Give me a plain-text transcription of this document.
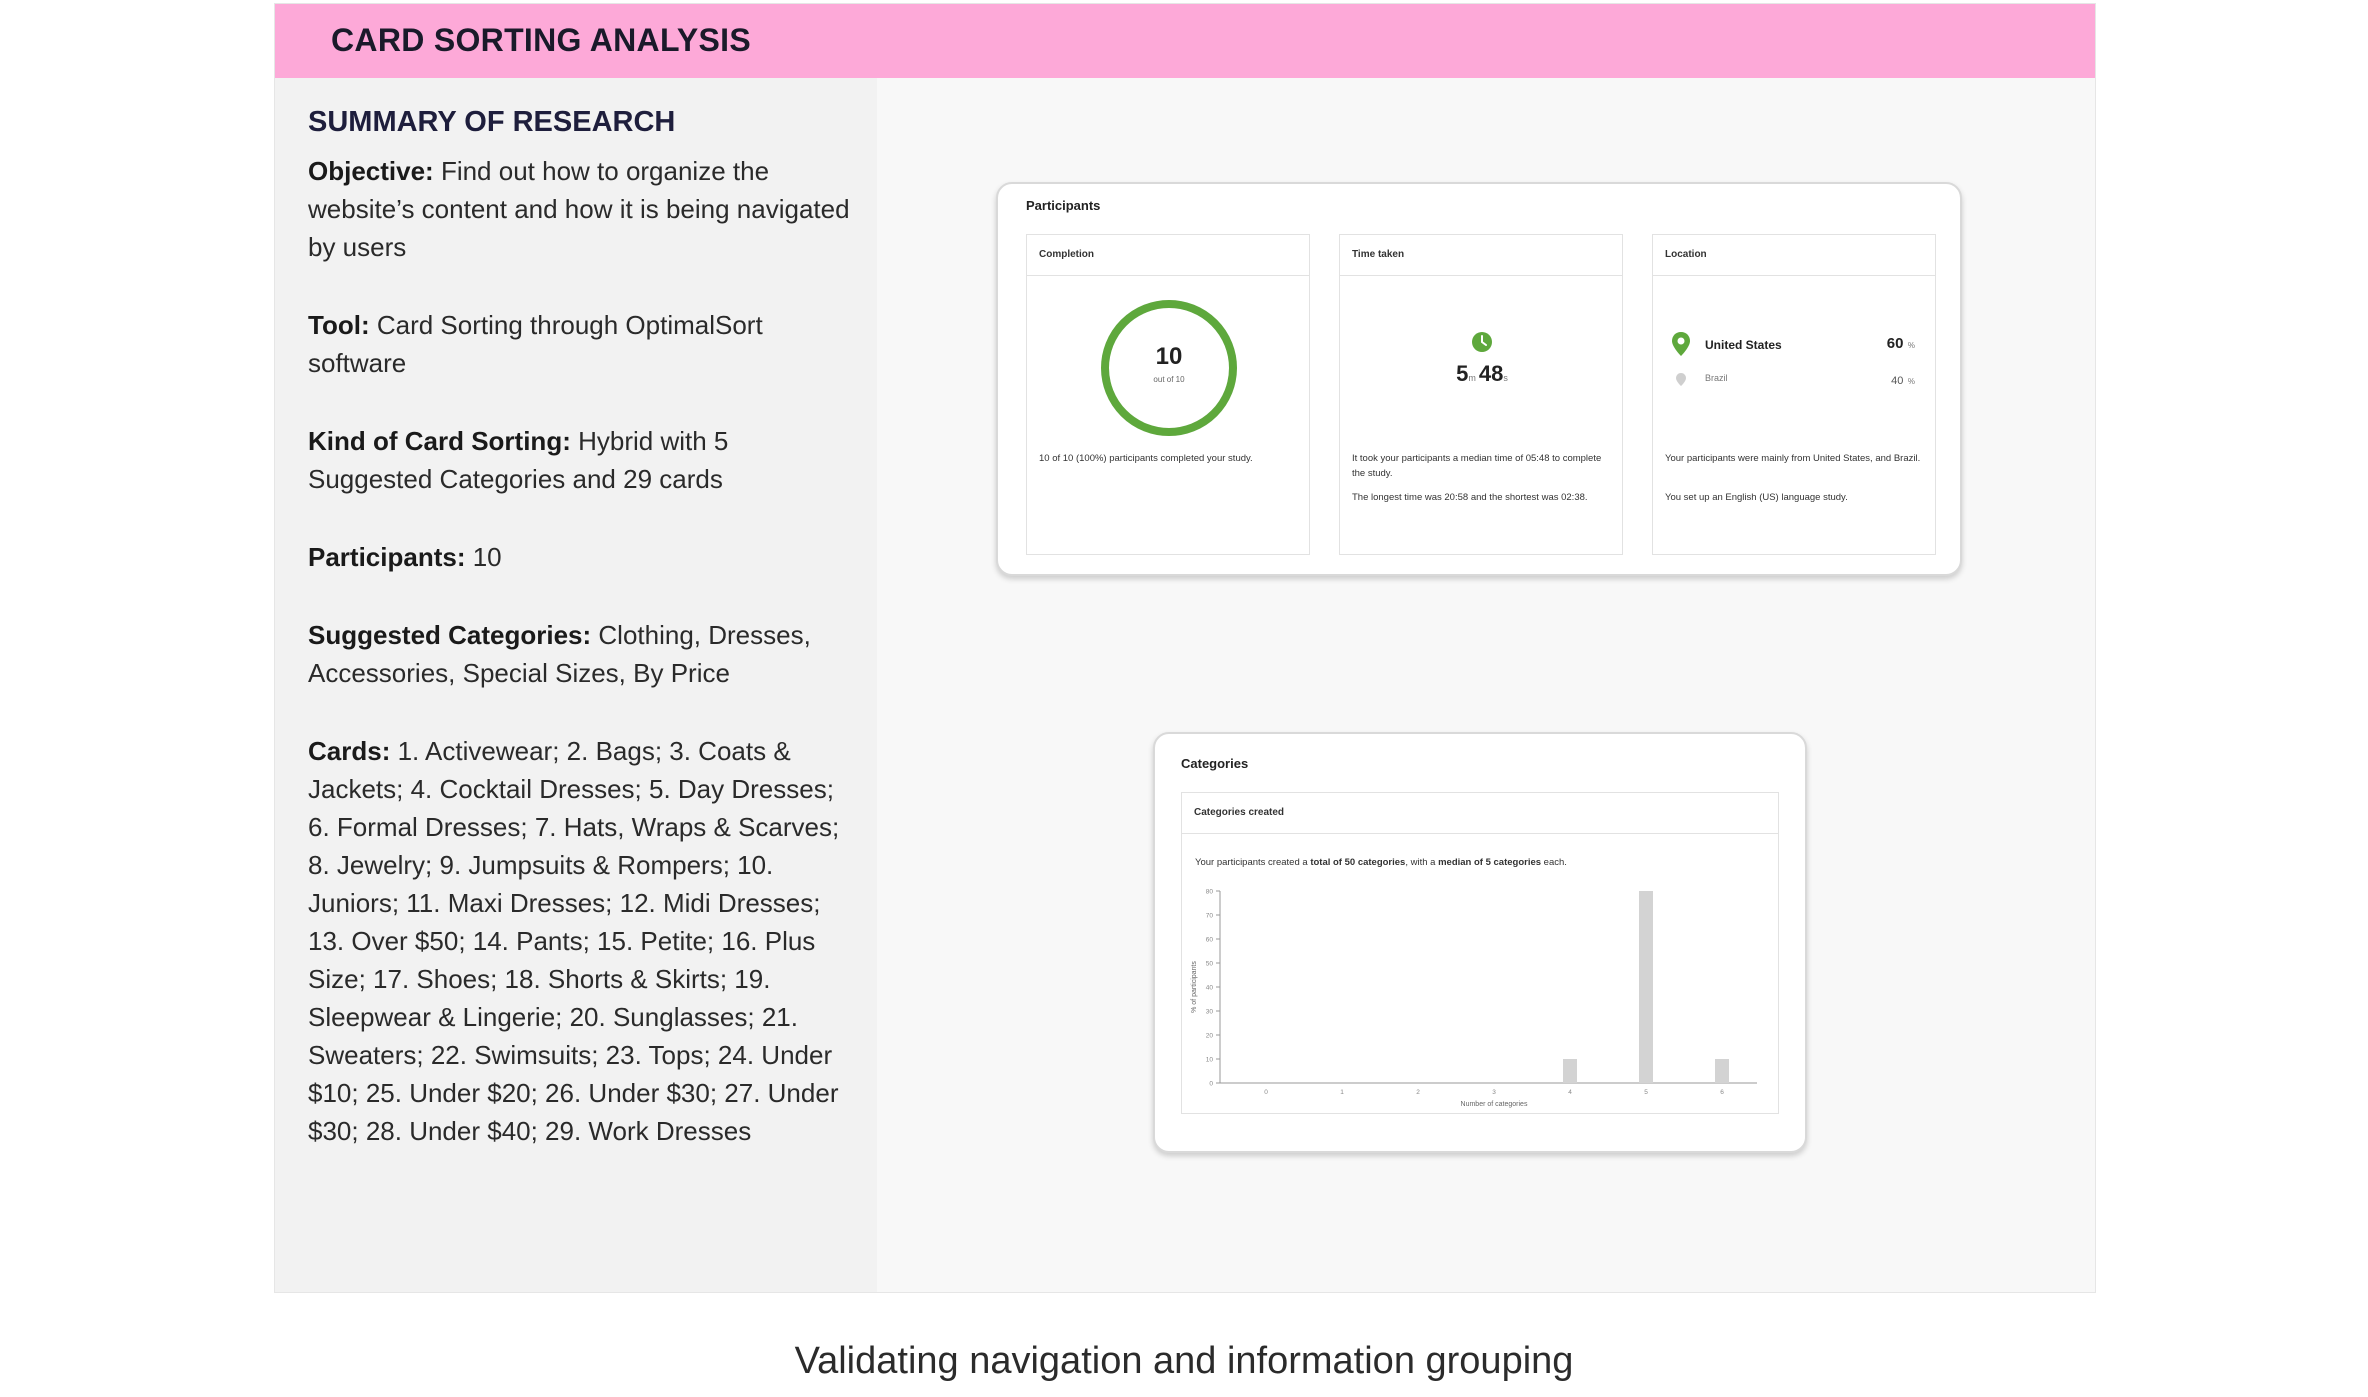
CARD SORTING ANALYSIS
SUMMARY OF RESEARCH

Objective: Find out how to organize the website’s content and how it is being navigated by users

Tool: Card Sorting through OptimalSort software

Kind of Card Sorting: Hybrid with 5 Suggested Categories and 29 cards

Participants: 10

Suggested Categories: Clothing, Dresses, Accessories, Special Sizes, By Price

Cards: 1. Activewear; 2. Bags; 3. Coats & Jackets; 4. Cocktail Dresses; 5. Day Dresses; 6. Formal Dresses; 7. Hats, Wraps & Scarves; 8. Jewelry; 9. Jumpsuits & Rompers; 10. Juniors; 11. Maxi Dresses; 12. Midi Dresses; 13. Over $50; 14. Pants; 15. Petite; 16. Plus Size; 17. Shoes; 18. Shorts & Skirts; 19. Sleepwear & Lingerie; 20. Sunglasses; 21. Sweaters; 22. Swimsuits; 23. Tops; 24. Under $10; 25. Under $20; 26. Under $30; 27. Under $30; 28. Under $40; 29. Work Dresses

Participants
Completion
10
out of 10
10 of 10 (100%) participants completed your study.
Time taken
5m 48s
It took your participants a median time of 05:48 to complete the study.
The longest time was 20:58 and the shortest was 02:38.
Location
United States	60 %
Brazil	40 %
Your participants were mainly from United States, and Brazil.
You set up an English (US) language study.
Categories
Categories created
Your participants created a total of 50 categories, with a median of 5 categories each.
0
10
20
30
40
50
60
70
80
0	1	2	3	4	5	6
Number of categories
% of participants
Validating navigation and information grouping
